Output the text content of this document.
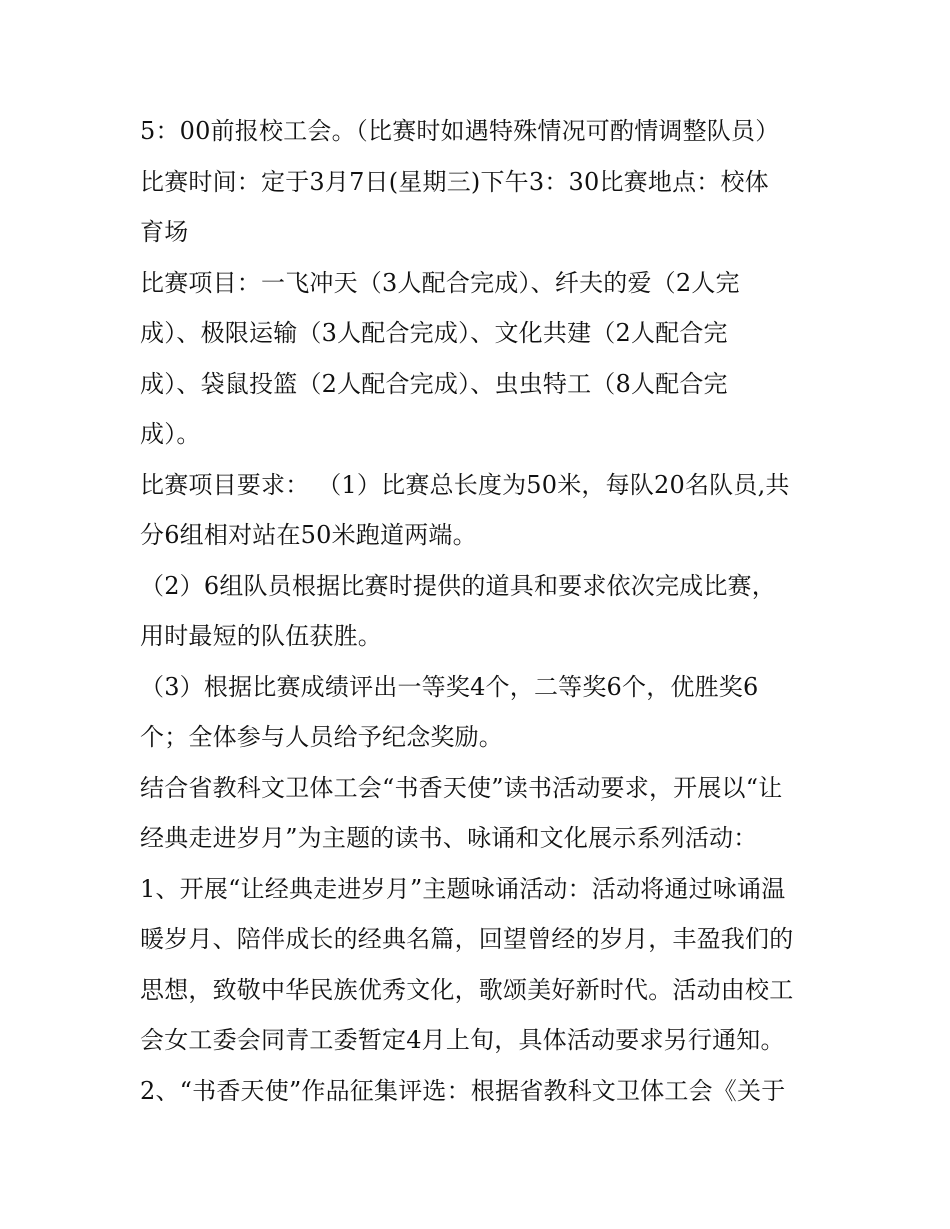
5：00前报校工会。（比赛时如遇特殊情况可酌情调整队员）
比赛时间：定于3月7日(星期三)下午3：30比赛地点：校体
育场
比赛项目：一飞冲天（3人配合完成）、纤夫的爱（2人完
成）、极限运输（3人配合完成）、文化共建（2人配合完
成）、袋鼠投篮（2人配合完成）、虫虫特工（8人配合完
成）。
比赛项目要求： （1）比赛总长度为50米，每队20名队员,共
分6组相对站在50米跑道两端。
（2）6组队员根据比赛时提供的道具和要求依次完成比赛，
用时最短的队伍获胜。
（3）根据比赛成绩评出一等奖4个，二等奖6个，优胜奖6
个；全体参与人员给予纪念奖励。
结合省教科文卫体工会“书香天使”读书活动要求，开展以“让
经典走进岁月”为主题的读书、咏诵和文化展示系列活动：
1、开展“让经典走进岁月”主题咏诵活动：活动将通过咏诵温
暖岁月、陪伴成长的经典名篇，回望曾经的岁月，丰盈我们的
思想，致敬中华民族优秀文化，歌颂美好新时代。活动由校工
会女工委会同青工委暂定4月上旬，具体活动要求另行通知。
2、“书香天使”作品征集评选：根据省教科文卫体工会《关于
